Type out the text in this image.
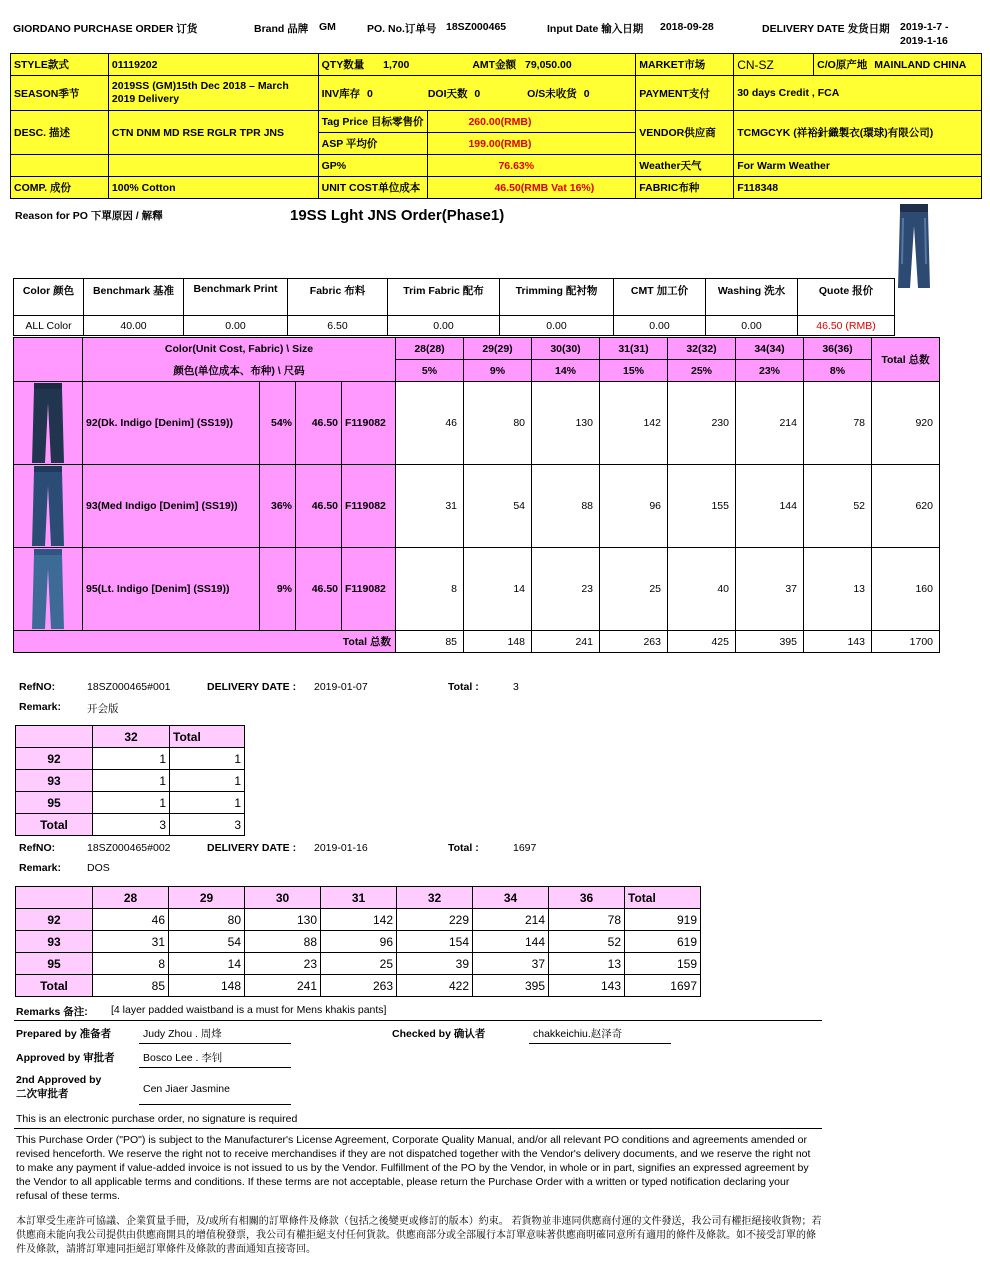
GIORDANO PURCHASE ORDER 订货	Brand 品牌 GM	PO. No.订单号 18SZ000465	Input Date 输入日期 2018-09-28	DELIVERY DATE 发货日期 2019-1-7 -
2019-1-16
STYLE款式	01119202	QTY数量 1,700 AMT金额 79,050.00		MARKET市场	CN-SZ	C/O原产地 MAINLAND CHINA
SEASON季节	2019SS (GM)15th Dec 2018 – March 2019 Delivery	INV库存 0 DOI天数 0 O/S未收货 0		PAYMENT支付	30 days Credit , FCA	
DESC. 描述	CTN DNM MD RSE RGLR TPR JNS	Tag Price 目标零售价	260.00(RMB)	VENDOR供应商	TCMGCYK (祥裕針織製衣(環球)有限公司)	
		ASP 平均价	199.00(RMB)			
		GP%	76.63%	Weather天气	For Warm Weather	
COMP. 成份	100% Cotton	UNIT COST单位成本	46.50(RMB Vat 16%)	FABRIC布种	F118348	
Reason for PO 下單原因 / 解釋	19SS Lght JNS Order(Phase1)
Color 颜色	Benchmark 基准	Benchmark Print	Fabric 布料	Trim Fabric 配布	Trimming 配衬物	CMT 加工价	Washing 洗水	Quote 报价
ALL Color	40.00	0.00	6.50	0.00	0.00	0.00	0.00	46.50 (RMB)
	Color(Unit Cost, Fabric) \ Size				28(28)	29(29)	30(30)	31(31)	32(32)	34(34)	36(36)	Total 总数
	颜色(单位成本、布种) \ 尺码				5%	9%	14%	15%	25%	23%	8%	

	92(Dk. Indigo [Denim] (SS19))	54%	46.50	F119082	46	80	130	142	230	214	78	920

	93(Med Indigo [Denim] (SS19))	36%	46.50	F119082	31	54	88	96	155	144	52	620

	95(Lt. Indigo [Denim] (SS19))	9%	46.50	F119082	8	14	23	25	40	37	13	160
Total 总数					85	148	241	263	425	395	143	1700
RefNO:	18SZ000465#001	DELIVERY DATE : 2019-01-07	Total :	3
Remark: 开会版
	32	Total
92	1	1
93	1	1
95	1	1
Total	3	3
RefNO:	18SZ000465#002	DELIVERY DATE : 2019-01-16	Total :	1697
Remark: DOS
	28	29	30	31	32	34	36	Total
92	46	80	130	142	229	214	78	919
93	31	54	88	96	154	144	52	619
95	8	14	23	25	39	37	13	159
Total	85	148	241	263	422	395	143	1697
Remarks 备注: [4 layer padded waistband is a must for Mens khakis pants]
Prepared by 准备者	Judy Zhou . 周烽	Checked by 确认者	chakkeichiu.赵泽奇
Approved by 审批者	Bosco Lee . 李钊
2nd Approved by
二次审批者	Cen Jiaer Jasmine
This is an electronic purchase order, no signature is required
This Purchase Order ("PO") is subject to the Manufacturer's License Agreement, Corporate Quality Manual, and/or all relevant PO conditions and agreements amended or revised henceforth. We reserve the right not to receive merchandises if they are not dispatched together with the Vendor's delivery documents, and we reserve the right not to make any payment if value-added invoice is not issued to us by the Vendor. Fulfillment of the PO by the Vendor, in whole or in part, signifies an expressed agreement by the Vendor to all applicable terms and conditions. If these terms are not acceptable, please return the Purchase Order with a written or typed notification declaring your refusal of these terms.
本訂單受生產許可協議、企業質量手冊，及/或所有相關的訂單條件及條款（包括之後變更或修訂的版本）約束。 若貨物並非連同供應商付運的文件發送，我公司有權拒絕接收貨物；若供應商未能向我公司提供由供應商開具的增值稅發票，我公司有權拒絕支付任何貨款。供應商部分或全部履行本訂單意味著供應商明確同意所有適用的條件及條款。如不接受訂單的條件及條款，請將訂單連同拒絕訂單條件及條款的書面通知直接寄回。
